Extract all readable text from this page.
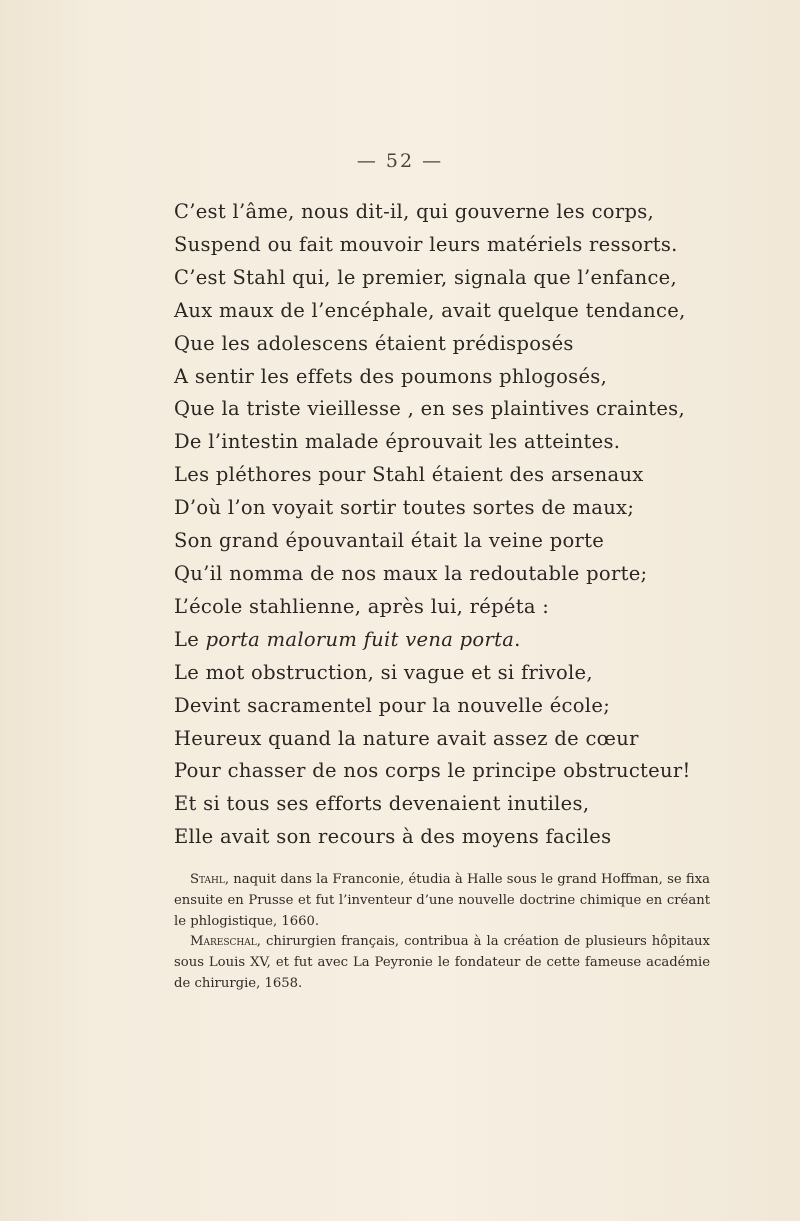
— 52 —
C’est l’âme, nous dit-il, qui gouverne les corps,
Suspend ou fait mouvoir leurs matériels ressorts.
C’est Stahl qui, le premier, signala que l’enfance,
Aux maux de l’encéphale, avait quelque tendance,
Que les adolescens étaient prédisposés
A sentir les effets des poumons phlogosés,
Que la triste vieillesse , en ses plaintives craintes,
De l’intestin malade éprouvait les atteintes.
Les pléthores pour Stahl étaient des arsenaux
D’où l’on voyait sortir toutes sortes de maux;
Son grand épouvantail était la veine porte
Qu’il nomma de nos maux la redoutable porte;
L’école stahlienne, après lui, répéta :
Le porta malorum fuit vena porta.
Le mot obstruction, si vague et si frivole,
Devint sacramentel pour la nouvelle école;
Heureux quand la nature avait assez de cœur
Pour chasser de nos corps le principe obstructeur!
Et si tous ses efforts devenaient inutiles,
Elle avait son recours à des moyens faciles

Stahl, naquit dans la Franconie, étudia à Halle sous le grand Hoffman, se fixa ensuite en Prusse et fut l’inventeur d’une nouvelle doctrine chimique en créant le phlogistique, 1660.

Mareschal, chirurgien français, contribua à la création de plusieurs hôpitaux sous Louis XV, et fut avec La Peyronie le fondateur de cette fameuse académie de chirurgie, 1658.
